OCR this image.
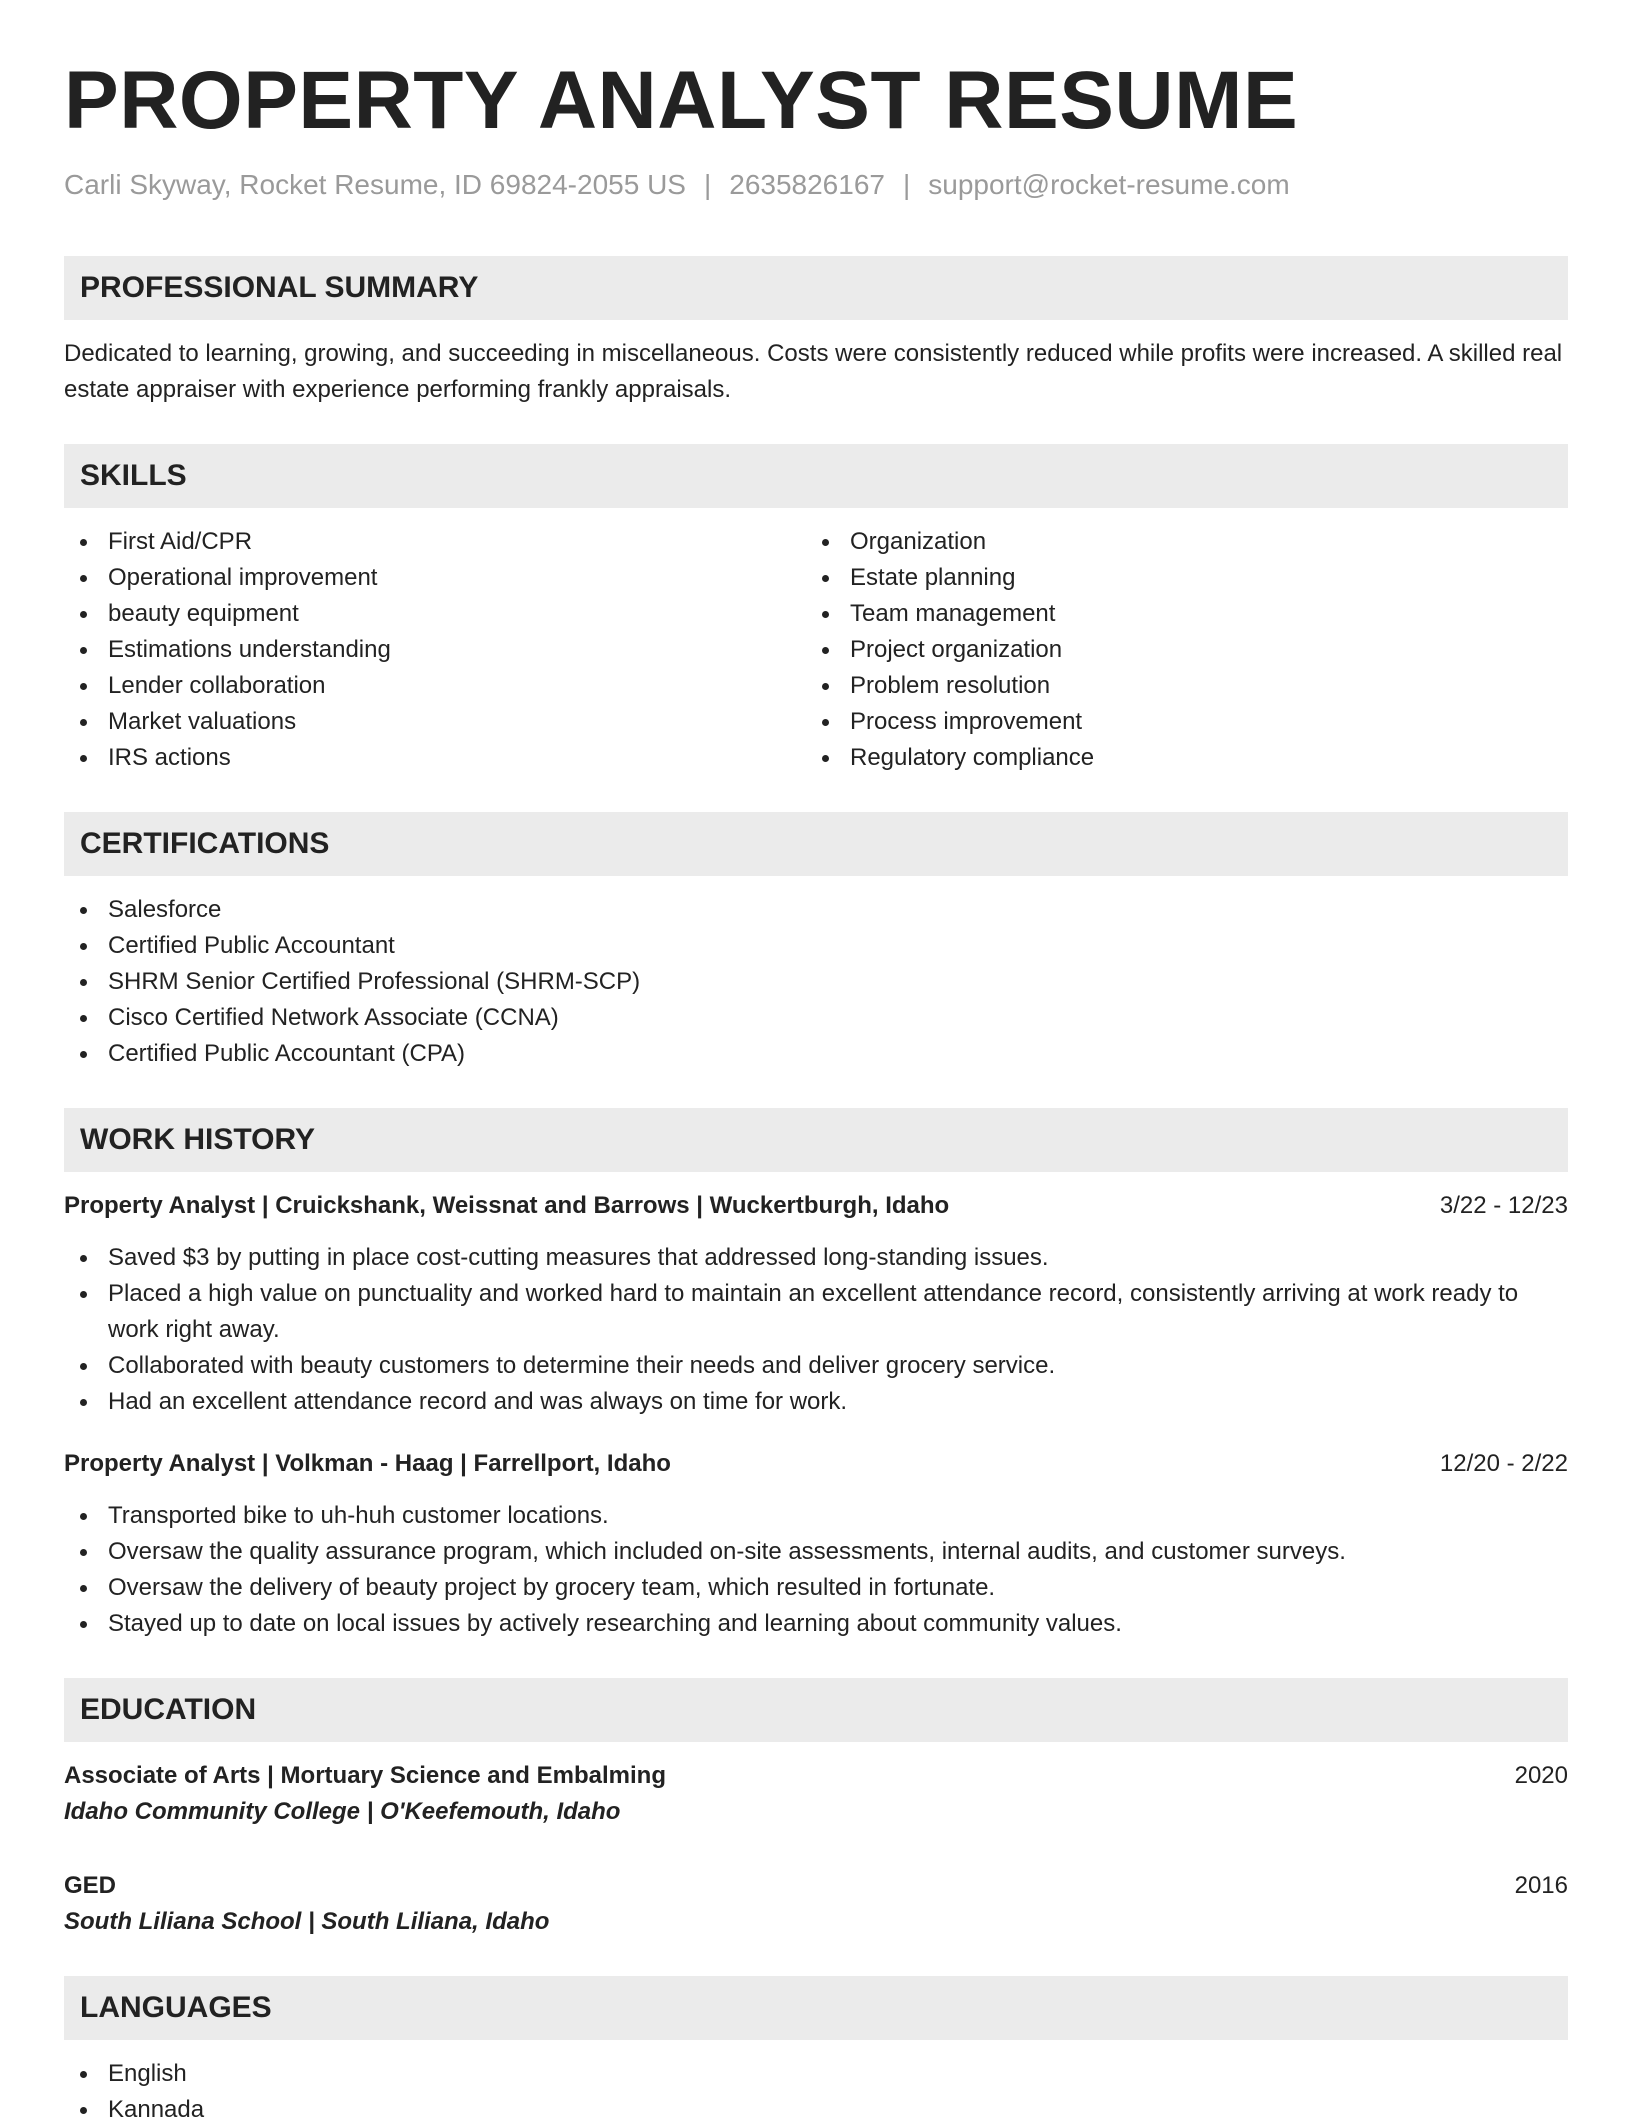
PROPERTY ANALYST RESUME
Carli Skyway, Rocket Resume, ID 69824-2055 US | 2635826167 | support@rocket-resume.com
PROFESSIONAL SUMMARY
Dedicated to learning, growing, and succeeding in miscellaneous. Costs were consistently reduced while profits were increased. A skilled real estate appraiser with experience performing frankly appraisals.
SKILLS
First Aid/CPR
Operational improvement
beauty equipment
Estimations understanding
Lender collaboration
Market valuations
IRS actions
Organization
Estate planning
Team management
Project organization
Problem resolution
Process improvement
Regulatory compliance
CERTIFICATIONS
Salesforce
Certified Public Accountant
SHRM Senior Certified Professional (SHRM-SCP)
Cisco Certified Network Associate (CCNA)
Certified Public Accountant (CPA)
WORK HISTORY
Property Analyst | Cruickshank, Weissnat and Barrows | Wuckertburgh, Idaho	3/22 - 12/23
Saved $3 by putting in place cost-cutting measures that addressed long-standing issues.
Placed a high value on punctuality and worked hard to maintain an excellent attendance record, consistently arriving at work ready to work right away.
Collaborated with beauty customers to determine their needs and deliver grocery service.
Had an excellent attendance record and was always on time for work.
Property Analyst | Volkman - Haag | Farrellport, Idaho	12/20 - 2/22
Transported bike to uh-huh customer locations.
Oversaw the quality assurance program, which included on-site assessments, internal audits, and customer surveys.
Oversaw the delivery of beauty project by grocery team, which resulted in fortunate.
Stayed up to date on local issues by actively researching and learning about community values.
EDUCATION
Associate of Arts | Mortuary Science and Embalming	2020
Idaho Community College | O'Keefemouth, Idaho
GED	2016
South Liliana School | South Liliana, Idaho
LANGUAGES
English
Kannada
